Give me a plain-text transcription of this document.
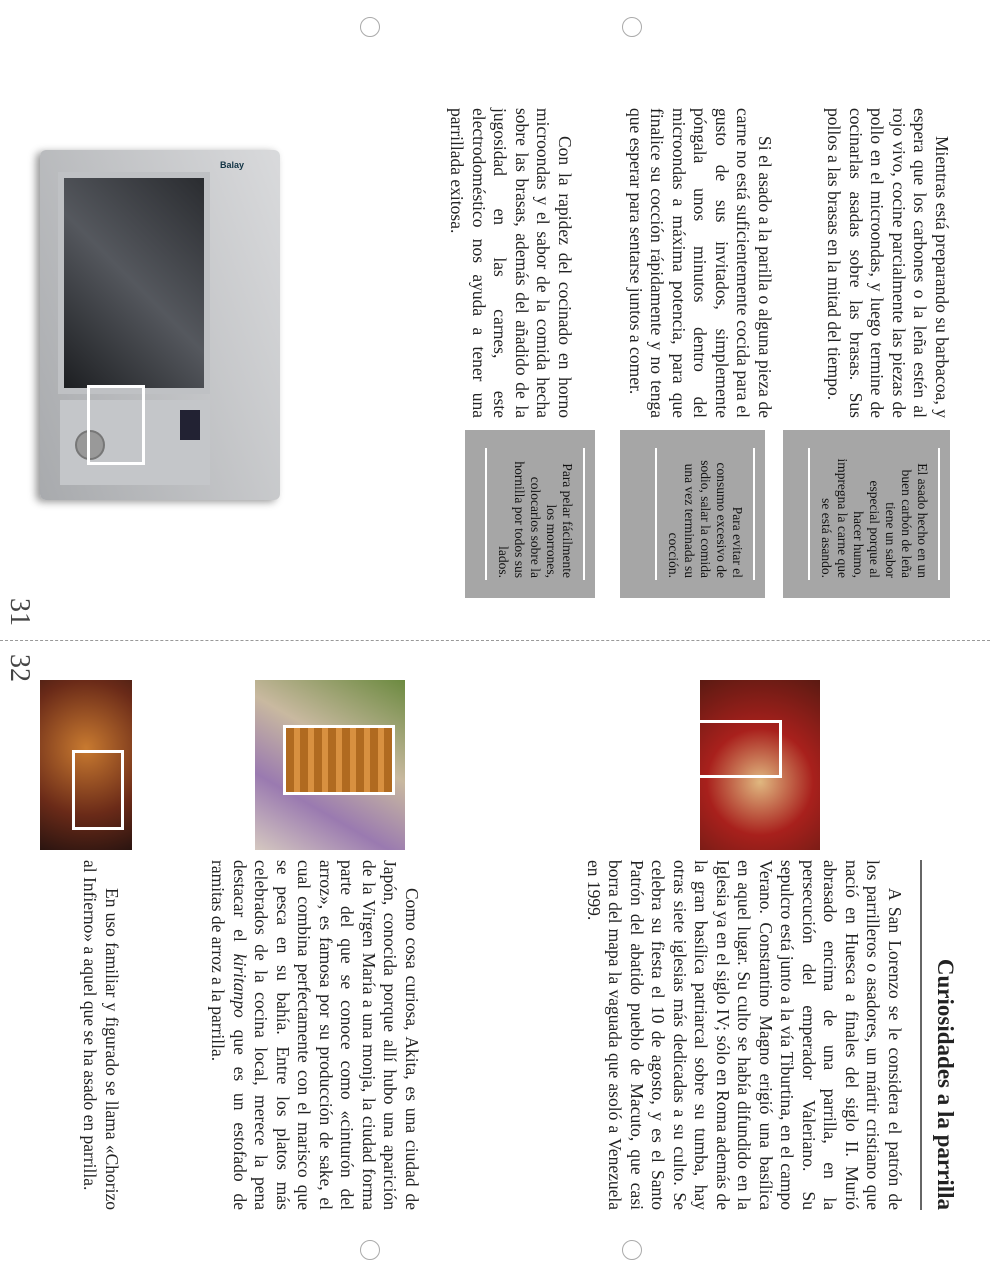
31
32

Mientras está preparando su barbacoa, y espera que los carbones o la leña estén al rojo vivo, cocine parcialmente las piezas de pollo en el microondas, y luego termine de cocinarlas asadas sobre las brasas. Sus pollos a las brasas en la mitad del tiempo.

Si el asado a la parilla o alguna pieza de carne no está suficientemente cocida para el gusto de sus invitados, simplemente póngala unos minutos dentro del microondas a máxima potencia, para que finalice su cocción rápidamente y no tenga que esperar para sentarse juntos a comer.

Con la rapidez del cocinado en horno microondas y el sabor de la comida hecha sobre las brasas, además del añadido de la jugosidad en las carnes, este electrodoméstico nos ayuda a tener una parrillada exitosa.

El asado hecho en un buen carbón de leña tiene un sabor especial porque al hacer humo, impregna la carne que se está asando.
Para evitar el consumo excesivo de sodio, salar la comida una vez terminada su cocción.
Para pelar fácilmente los morrones, colocarlos sobre la hornilla por todos sus lados.
Balay
Curiosidades a la parrilla

A San Lorenzo se le considera el patrón de los parrilleros o asadores, un mártir cristiano que nació en Huesca a finales del siglo II. Murió abrasado encima de una parrilla, en la persecución del emperador Valeriano. Su sepulcro está junto a la vía Tiburtina, en el campo Verano. Constantino Magno erigió una basílica en aquel lugar. Su culto se había difundido en la Iglesia ya en el siglo IV; sólo en Roma además de la gran basílica patriarcal sobre su tumba, hay otras siete iglesias más dedicadas a su culto. Se celebra su fiesta el 10 de agosto, y es el Santo Patrón del abatido pueblo de Macuto, que casi borra del mapa la vaguada que asoló a Venezuela en 1999.

Como cosa curiosa, Akita, es una ciudad de Japón, conocida porque allí hubo una aparición de la Virgen María a una monja, la ciudad forma parte del que se conoce como «cinturón del arroz», es famosa por su producción de sake, el cual combina perfectamente con el marisco que se pesca en su bahía. Entre los platos más celebrados de la cocina local, merece la pena destacar el kiritanpo que es un estofado de ramitas de arroz a la parrilla.

En uso familiar y figurado se llama «Chorizo al Infierno» a aquel que se ha asado en parrilla.
